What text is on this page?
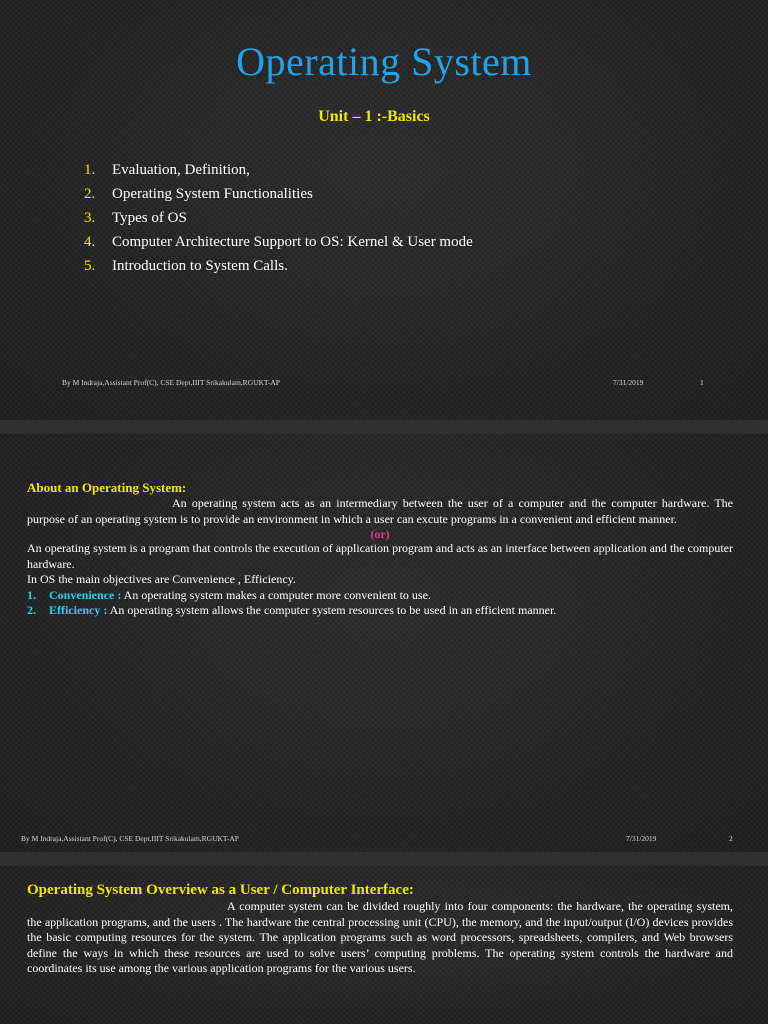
Operating System
Unit – 1 :-Basics
1. Evaluation, Definition,
2. Operating System Functionalities
3. Types of OS
4. Computer Architecture Support to OS: Kernel & User mode
5. Introduction to System Calls.
By M Indraja,Assistant Prof(C), CSE Dept,IIIT Srikakulam,RGUKT-AP	7/31/2019	1
About an Operating System:
An operating system acts as an intermediary between the user of a computer and the computer hardware. The purpose of an operating system is to provide an environment in which a user can excute programs in a convenient and efficient manner.
(or)
An operating system is a program that controls the execution of application program and acts as an interface between application and the computer hardware.
In OS the main objectives are Convenience , Efficiency.
1. Convenience : An operating system makes a computer more convenient to use.
2. Efficiency : An operating system allows the computer system resources to be used in an efficient manner.
By M Indraja,Assistant Prof(C), CSE Dept,IIIT Srikakulam,RGUKT-AP	7/31/2019	2
Operating System Overview as a User / Computer Interface:
A computer system can be divided roughly into four components: the hardware, the operating system, the application programs, and the users . The hardware the central processing unit (CPU), the memory, and the input/output (I/O) devices provides the basic computing resources for the system. The application programs such as word processors, spreadsheets, compilers, and Web browsers define the ways in which these resources are used to solve users’ computing problems. The operating system controls the hardware and coordinates its use among the various application programs for the various users.
